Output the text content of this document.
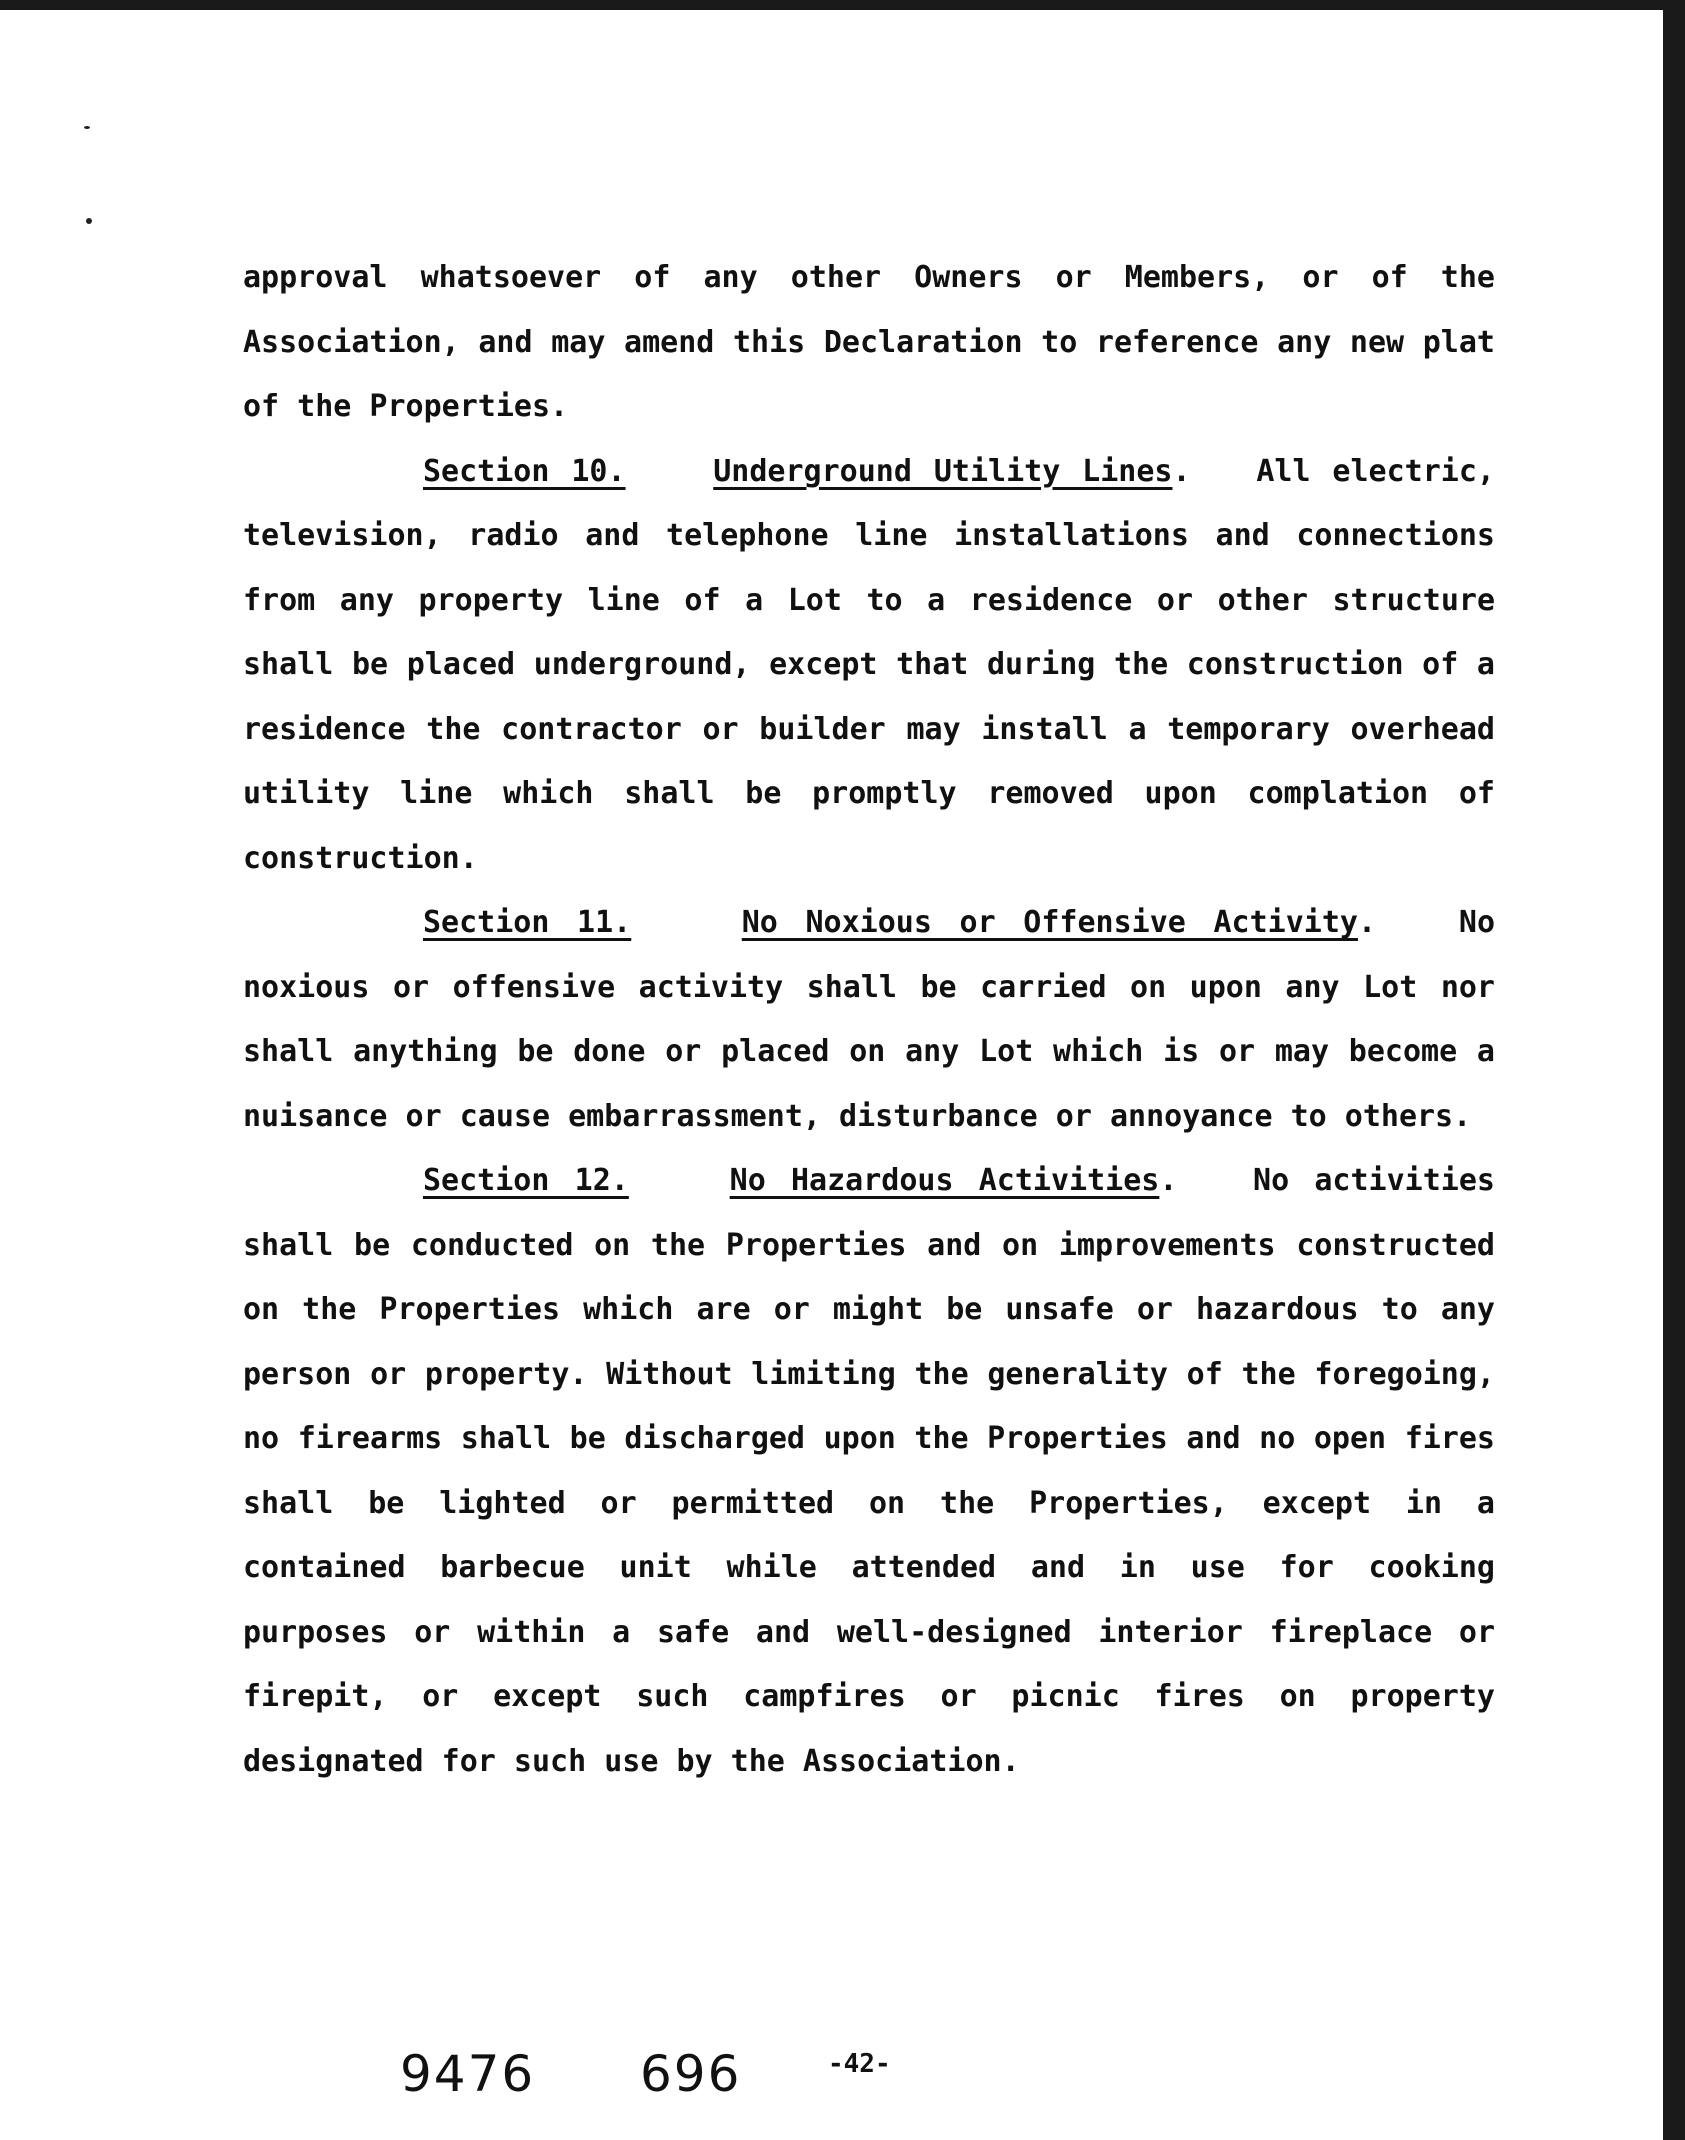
approval whatsoever of any other Owners or Members, or of the Association, and may amend this Declaration to reference any new plat of the Properties.

Section 10.	Underground Utility Lines.   All electric, television, radio and telephone line installations and connections from any property line of a Lot to a residence or other structure shall be placed underground, except that during the construction of a residence the contractor or builder may install a temporary overhead utility line which shall be promptly removed upon complation of construction.

Section 11.	No Noxious or Offensive Activity.   No noxious or offensive activity shall be carried on upon any Lot nor shall anything be done or placed on any Lot which is or may become a nuisance or cause embarrassment, disturbance or annoyance to others.

Section 12.	No Hazardous Activities.   No activities shall be conducted on the Properties and on improvements constructed on the Properties which are or might be unsafe or hazardous to any person or property. Without limiting the generality of the foregoing, no firearms shall be discharged upon the Properties and no open fires shall be lighted or permitted on the Properties, except in a contained barbecue unit while attended and in use for cooking purposes or within a safe and well-designed interior fireplace or firepit, or except such campfires or picnic fires on property designated for such use by the Association.

9476 696	-42-
